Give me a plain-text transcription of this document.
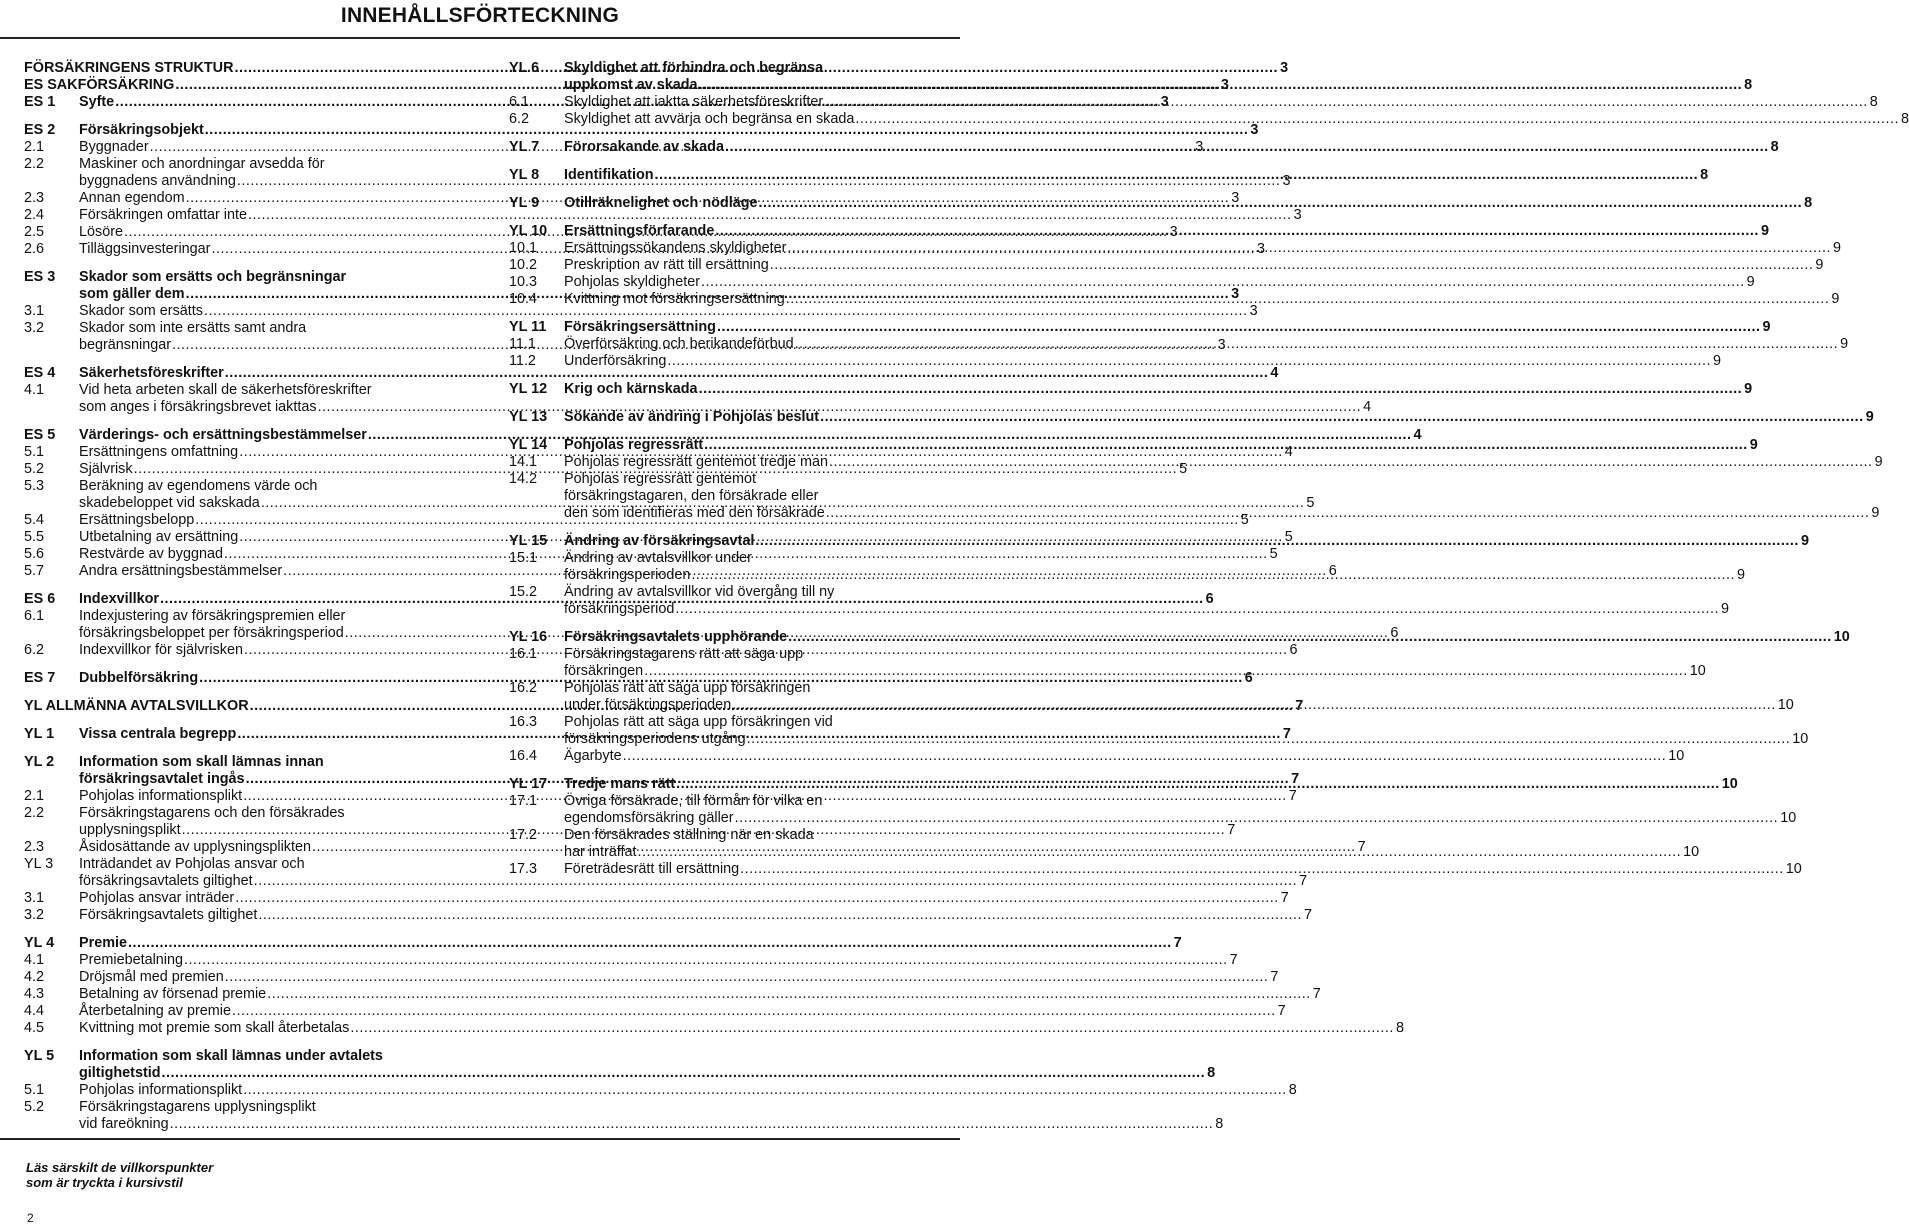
INNEHÅLLSFÖRTECKNING
FÖRSÄKRINGENS STRUKTUR .....	3
ES SAKFÖRSÄKRING .....	3
ES 1	Syfte .....	3
ES 2	Försäkringsobjekt .....	3
2.1	Byggnader .....	3
2.2	Maskiner och anordningar avsedda för
byggnadens användning .....	3
2.3	Annan egendom .....	3
2.4	Försäkringen omfattar inte .....	3
2.5	Lösöre .....	3
2.6	Tilläggsinvesteringar .....	3
ES 3	Skador som ersätts och begränsningar
som gäller dem .....	3
3.1	Skador som ersätts .....	3
3.2	Skador som inte ersätts samt andra
begränsningar .....	3
ES 4	Säkerhetsföreskrifter .....	4
4.1	Vid heta arbeten skall de säkerhetsföreskrifter
som anges i försäkringsbrevet iakttas .....	4
ES 5	Värderings- och ersättningsbestämmelser .....	4
5.1	Ersättningens omfattning .....	4
5.2	Självrisk .....	5
5.3	Beräkning av egendomens värde och
skadebeloppet vid sakskada .....	5
5.4	Ersättningsbelopp .....	5
5.5	Utbetalning av ersättning .....	5
5.6	Restvärde av byggnad .....	5
5.7	Andra ersättningsbestämmelser .....	6
ES 6	Indexvillkor .....	6
6.1	Indexjustering av försäkringspremien eller
försäkringsbeloppet per försäkringsperiod .....	6
6.2	Indexvillkor för självrisken .....	6
ES 7	Dubbelförsäkring .....	6
YL ALLMÄNNA AVTALSVILLKOR .....	7
YL 1	Vissa centrala begrepp .....	7
YL 2	Information som skall lämnas innan
försäkringsavtalet ingås .....	7
2.1	Pohjolas informationsplikt .....	7
2.2	Försäkringstagarens och den försäkrades
upplysningsplikt .....	7
2.3	Åsidosättande av upplysningsplikten .....	7
YL 3	Inträdandet av Pohjolas ansvar och
försäkringsavtalets giltighet .....	7
3.1	Pohjolas ansvar inträder .....	7
3.2	Försäkringsavtalets giltighet .....	7
YL 4	Premie .....	7
4.1	Premiebetalning .....	7
4.2	Dröjsmål med premien .....	7
4.3	Betalning av försenad premie .....	7
4.4	Återbetalning av premie .....	7
4.5	Kvittning mot premie som skall återbetalas .....	8
YL 5	Information som skall lämnas under avtalets
giltighetstid .....	8
5.1	Pohjolas informationsplikt .....	8
5.2	Försäkringstagarens upplysningsplikt
vid fareökning .....	8
YL 6	Skyldighet att förhindra och begränsa
uppkomst av skada .....	8
6.1	Skyldighet att iaktta säkerhetsföreskrifter .....	8
6.2	Skyldighet att avvärja och begränsa en skada .....	8
YL 7	Förorsakande av skada .....	8
YL 8	Identifikation .....	8
YL 9	Otillräknelighet och nödläge .....	8
YL 10	Ersättningsförfarande .....	9
10.1	Ersättningssökandens skyldigheter .....	9
10.2	Preskription av rätt till ersättning .....	9
10.3	Pohjolas skyldigheter .....	9
10.4	Kvittning mot försäkringsersättning .....	9
YL 11	Försäkringsersättning .....	9
11.1	Överförsäkring och berikandeförbud .....	9
11.2	Underförsäkring .....	9
YL 12	Krig och kärnskada .....	9
YL 13	Sökande av ändring i Pohjolas beslut .....	9
YL 14	Pohjolas regressrätt .....	9
14.1	Pohjolas regressrätt gentemot tredje man .....	9
14.2	Pohjolas regressrätt gentemot
försäkringstagaren, den försäkrade eller
den som identifieras med den försäkrade .....	9
YL 15	Ändring av försäkringsavtal .....	9
15.1	Ändring av avtalsvillkor under
försäkringsperioden .....	9
15.2	Ändring av avtalsvillkor vid övergång till ny
försäkringsperiod .....	9
YL 16	Försäkringsavtalets upphörande .....	10
16.1	Försäkringstagarens rätt att säga upp
försäkringen .....	10
16.2	Pohjolas rätt att säga upp försäkringen
under försäkringsperioden .....	10
16.3	Pohjolas rätt att säga upp försäkringen vid
försäkringsperiodens utgång .....	10
16.4	Ägarbyte .....	10
YL 17	Tredje mans rätt .....	10
17.1	Övriga försäkrade, till förmån för vilka en
egendomsförsäkring gäller .....	10
17.2	Den försäkrades ställning när en skada
har inträffat .....	10
17.3	Företrädesrätt till ersättning .....	10
Läs särskilt de villkorspunkter
som är tryckta i kursivstil
2
